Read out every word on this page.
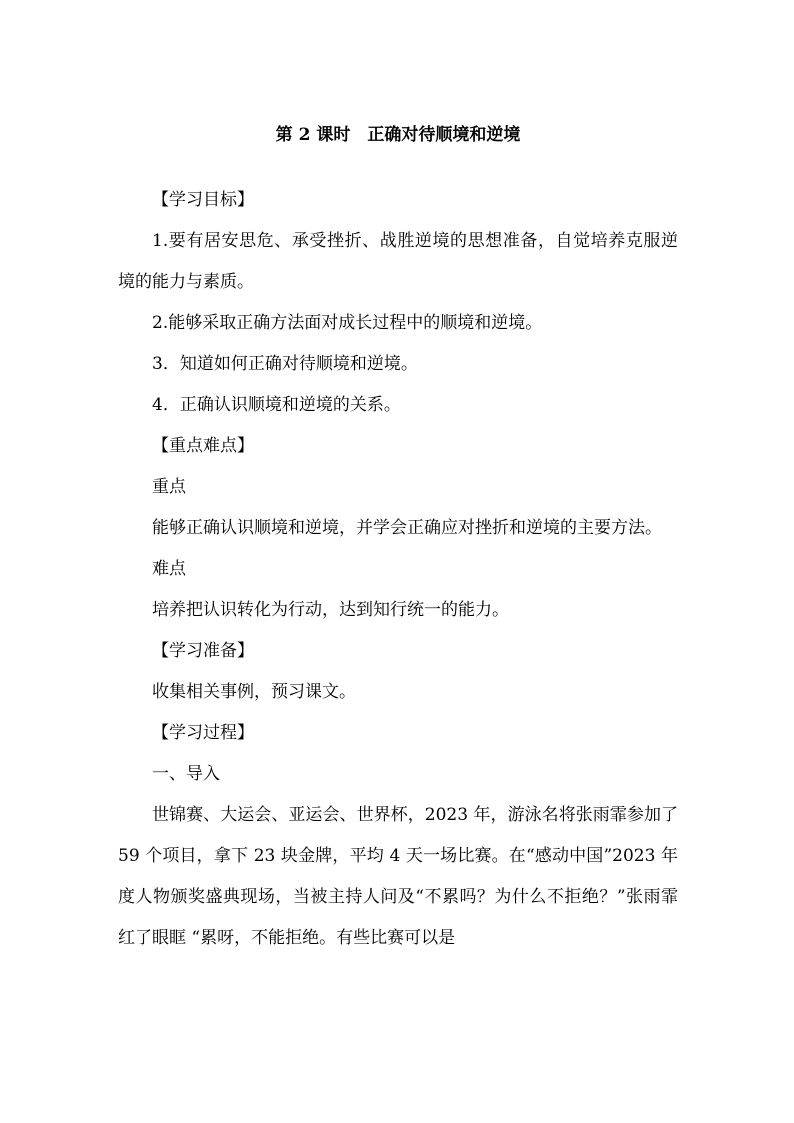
第 2 课时　正确对待顺境和逆境

【学习目标】

1.要有居安思危、承受挫折、战胜逆境的思想准备，自觉培养克服逆境的能力与素质。

2.能够采取正确方法面对成长过程中的顺境和逆境。

3．知道如何正确对待顺境和逆境。

4．正确认识顺境和逆境的关系。

【重点难点】

重点

能够正确认识顺境和逆境，并学会正确应对挫折和逆境的主要方法。

难点

培养把认识转化为行动，达到知行统一的能力。

【学习准备】

收集相关事例，预习课文。

【学习过程】

一、导入

世锦赛、大运会、亚运会、世界杯，2023 年，游泳名将张雨霏参加了 59 个项目，拿下 23 块金牌，平均 4 天一场比赛。在“感动中国”2023 年度人物颁奖盛典现场，当被主持人问及“不累吗？为什么不拒绝？”张雨霏红了眼眶 “累呀，不能拒绝。有些比赛可以是
